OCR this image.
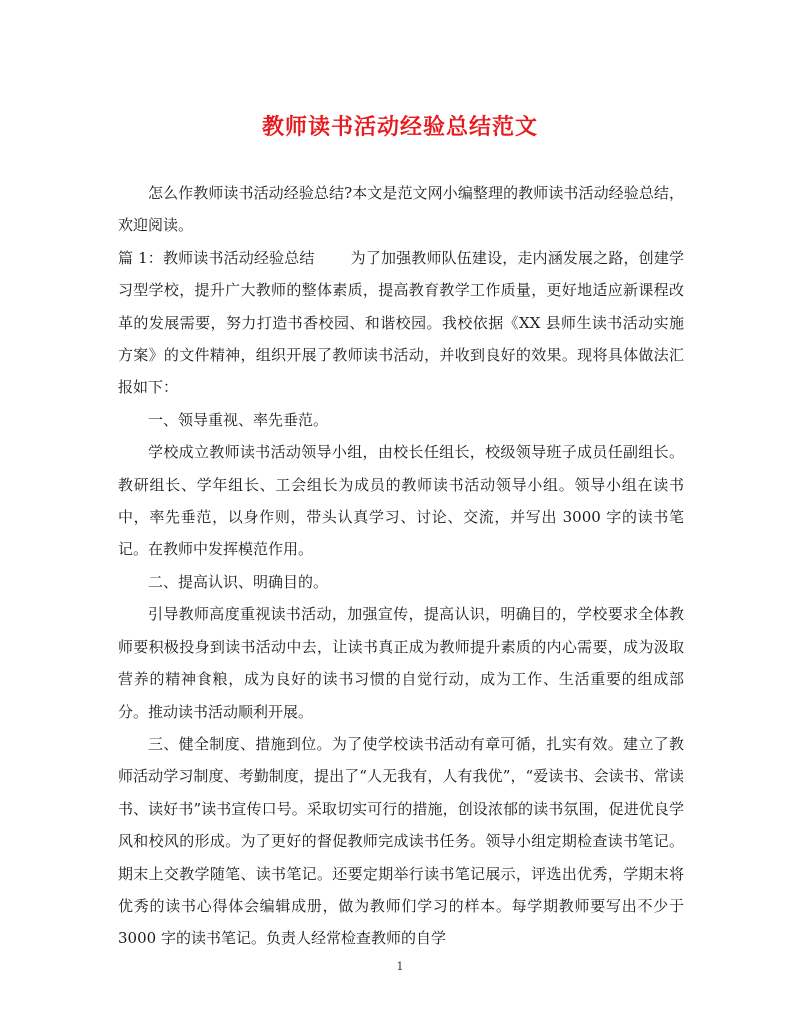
教师读书活动经验总结范文

怎么作教师读书活动经验总结?本文是范文网小编整理的教师读书活动经验总结，欢迎阅读。

篇 1：教师读书活动经验总结 为了加强教师队伍建设，走内涵发展之路，创建学习型学校，提升广大教师的整体素质，提高教育教学工作质量，更好地适应新课程改革的发展需要，努力打造书香校园、和谐校园。我校依据《XX 县师生读书活动实施方案》的文件精神，组织开展了教师读书活动，并收到良好的效果。现将具体做法汇报如下：

一、领导重视、率先垂范。

学校成立教师读书活动领导小组，由校长任组长，校级领导班子成员任副组长。教研组长、学年组长、工会组长为成员的教师读书活动领导小组。领导小组在读书中，率先垂范，以身作则，带头认真学习、讨论、交流，并写出 3000 字的读书笔记。在教师中发挥模范作用。

二、提高认识、明确目的。

引导教师高度重视读书活动，加强宣传，提高认识，明确目的，学校要求全体教师要积极投身到读书活动中去，让读书真正成为教师提升素质的内心需要，成为汲取营养的精神食粮，成为良好的读书习惯的自觉行动，成为工作、生活重要的组成部分。推动读书活动顺利开展。

三、健全制度、措施到位。为了使学校读书活动有章可循，扎实有效。建立了教师活动学习制度、考勤制度，提出了“人无我有，人有我优”，“爱读书、会读书、常读书、读好书”读书宣传口号。采取切实可行的措施，创设浓郁的读书氛围，促进优良学风和校风的形成。为了更好的督促教师完成读书任务。领导小组定期检查读书笔记。期末上交教学随笔、读书笔记。还要定期举行读书笔记展示，评选出优秀，学期末将优秀的读书心得体会编辑成册，做为教师们学习的样本。每学期教师要写出不少于 3000 字的读书笔记。负责人经常检查教师的自学

1
